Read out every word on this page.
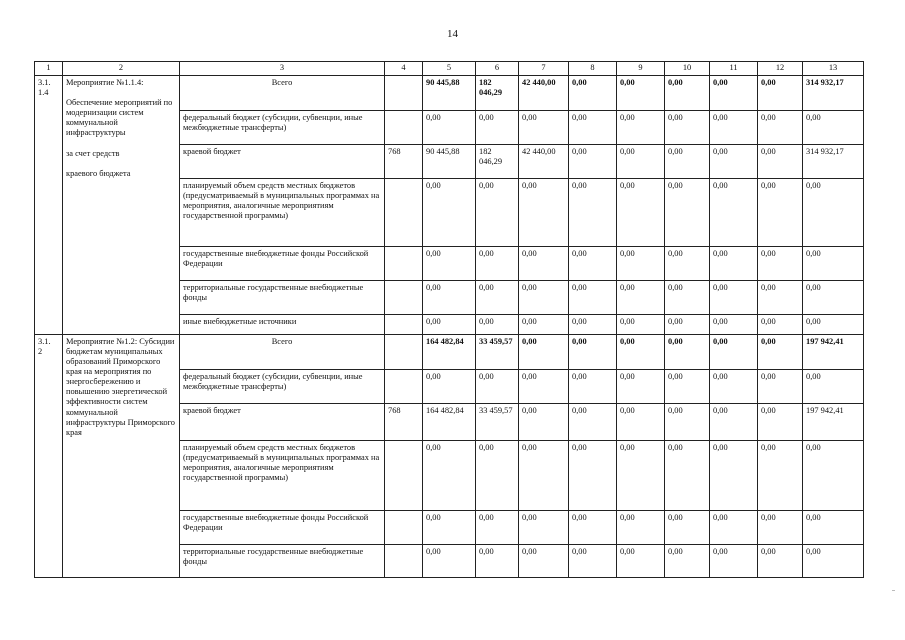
14
1	2	3	4	5	6	7	8	9	10	11	12	13
3.1.
1.4	Мероприятие №1.1.4:

Обеспечение мероприятий по модернизации систем коммунальной инфраструктуры

за счет средств

краевого бюджета	Всего		90 445,88	182 046,29	42 440,00	0,00	0,00	0,00	0,00	0,00	314 932,17
		федеральный бюджет (субсидии, субвенции, иные межбюджетные трансферты)		0,00	0,00	0,00	0,00	0,00	0,00	0,00	0,00	0,00
		краевой бюджет	768	90 445,88	182 046,29	42 440,00	0,00	0,00	0,00	0,00	0,00	314 932,17
		планируемый объем средств местных бюджетов (предусматриваемый в муниципальных программах на мероприятия, аналогичные мероприятиям государственной программы)		0,00	0,00	0,00	0,00	0,00	0,00	0,00	0,00	0,00
		государственные внебюджетные фонды Российской Федерации		0,00	0,00	0,00	0,00	0,00	0,00	0,00	0,00	0,00
		территориальные государственные внебюджетные фонды		0,00	0,00	0,00	0,00	0,00	0,00	0,00	0,00	0,00
		иные внебюджетные источники		0,00	0,00	0,00	0,00	0,00	0,00	0,00	0,00	0,00
3.1.
2	Мероприятие №1.2: Субсидии бюджетам муниципальных образований Приморского края на мероприятия по энергосбережению и повышению энергетической эффективности систем коммунальной инфраструктуры Приморского края	Всего		164 482,84	33 459,57	0,00	0,00	0,00	0,00	0,00	0,00	197 942,41
		федеральный бюджет (субсидии, субвенции, иные межбюджетные трансферты)		0,00	0,00	0,00	0,00	0,00	0,00	0,00	0,00	0,00
		краевой бюджет	768	164 482,84	33 459,57	0,00	0,00	0,00	0,00	0,00	0,00	197 942,41
		планируемый объем средств местных бюджетов (предусматриваемый в муниципальных программах на мероприятия, аналогичные мероприятиям государственной программы)		0,00	0,00	0,00	0,00	0,00	0,00	0,00	0,00	0,00
		государственные внебюджетные фонды Российской Федерации		0,00	0,00	0,00	0,00	0,00	0,00	0,00	0,00	0,00
		территориальные государственные внебюджетные фонды		0,00	0,00	0,00	0,00	0,00	0,00	0,00	0,00	0,00
